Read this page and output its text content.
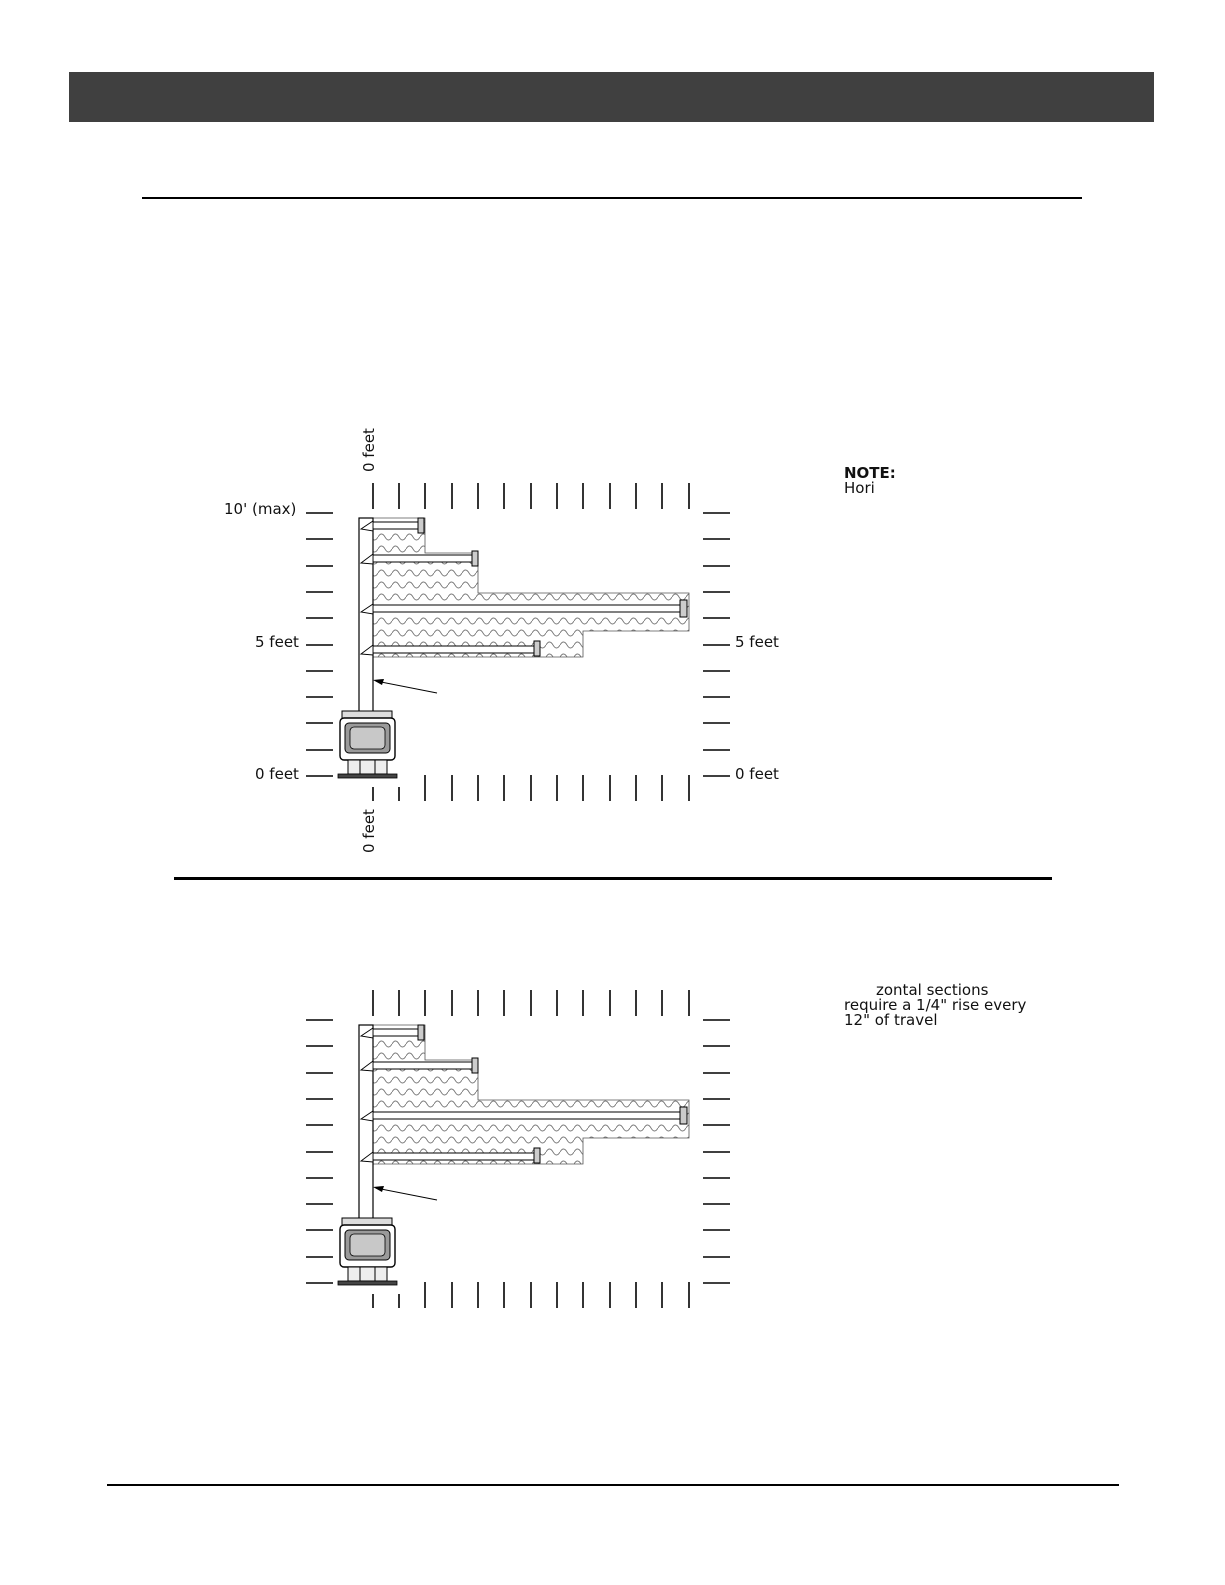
0 feet
0 feet
10' (max)
5 feet	5 feet
0 feet	0 feet
NOTE:
Hori
zontal sections
require a 1/4" rise every
12" of travel
